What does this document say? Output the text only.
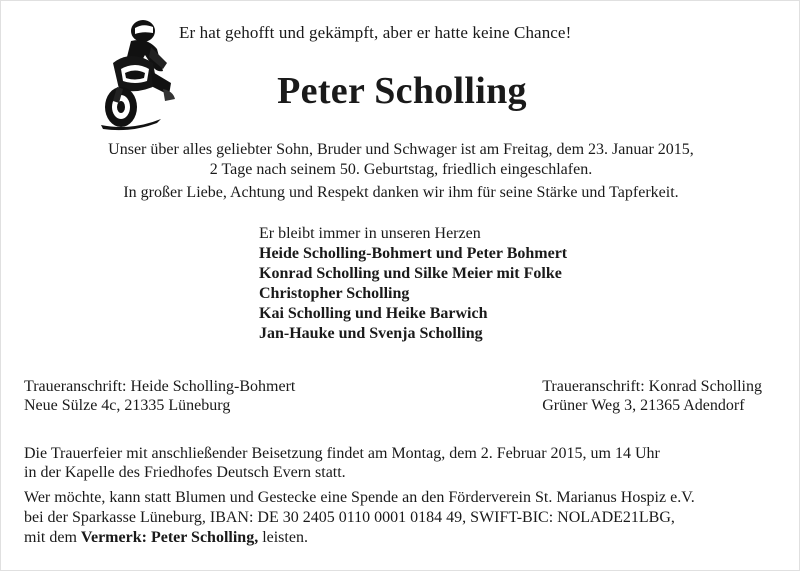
Er hat gehofft und gekämpft, aber er hatte keine Chance!
Peter Scholling
Unser über alles geliebter Sohn, Bruder und Schwager ist am Freitag, dem 23. Januar 2015,
2 Tage nach seinem 50. Geburtstag, friedlich eingeschlafen.
In großer Liebe, Achtung und Respekt danken wir ihm für seine Stärke und Tapferkeit.
Er bleibt immer in unseren Herzen
Heide Scholling-Bohmert und Peter Bohmert
Konrad Scholling und Silke Meier mit Folke
Christopher Scholling
Kai Scholling und Heike Barwich
Jan-Hauke und Svenja Scholling
Traueranschrift: Heide Scholling-Bohmert
Neue Sülze 4c, 21335 Lüneburg
Traueranschrift: Konrad Scholling
Grüner Weg 3, 21365 Adendorf
Die Trauerfeier mit anschließender Beisetzung findet am Montag, dem 2. Februar 2015, um 14 Uhr
in der Kapelle des Friedhofes Deutsch Evern statt.
Wer möchte, kann statt Blumen und Gestecke eine Spende an den Förderverein St. Marianus Hospiz e.V.
bei der Sparkasse Lüneburg, IBAN: DE 30 2405 0110 0001 0184 49, SWIFT-BIC: NOLADE21LBG,
mit dem Vermerk: Peter Scholling, leisten.
